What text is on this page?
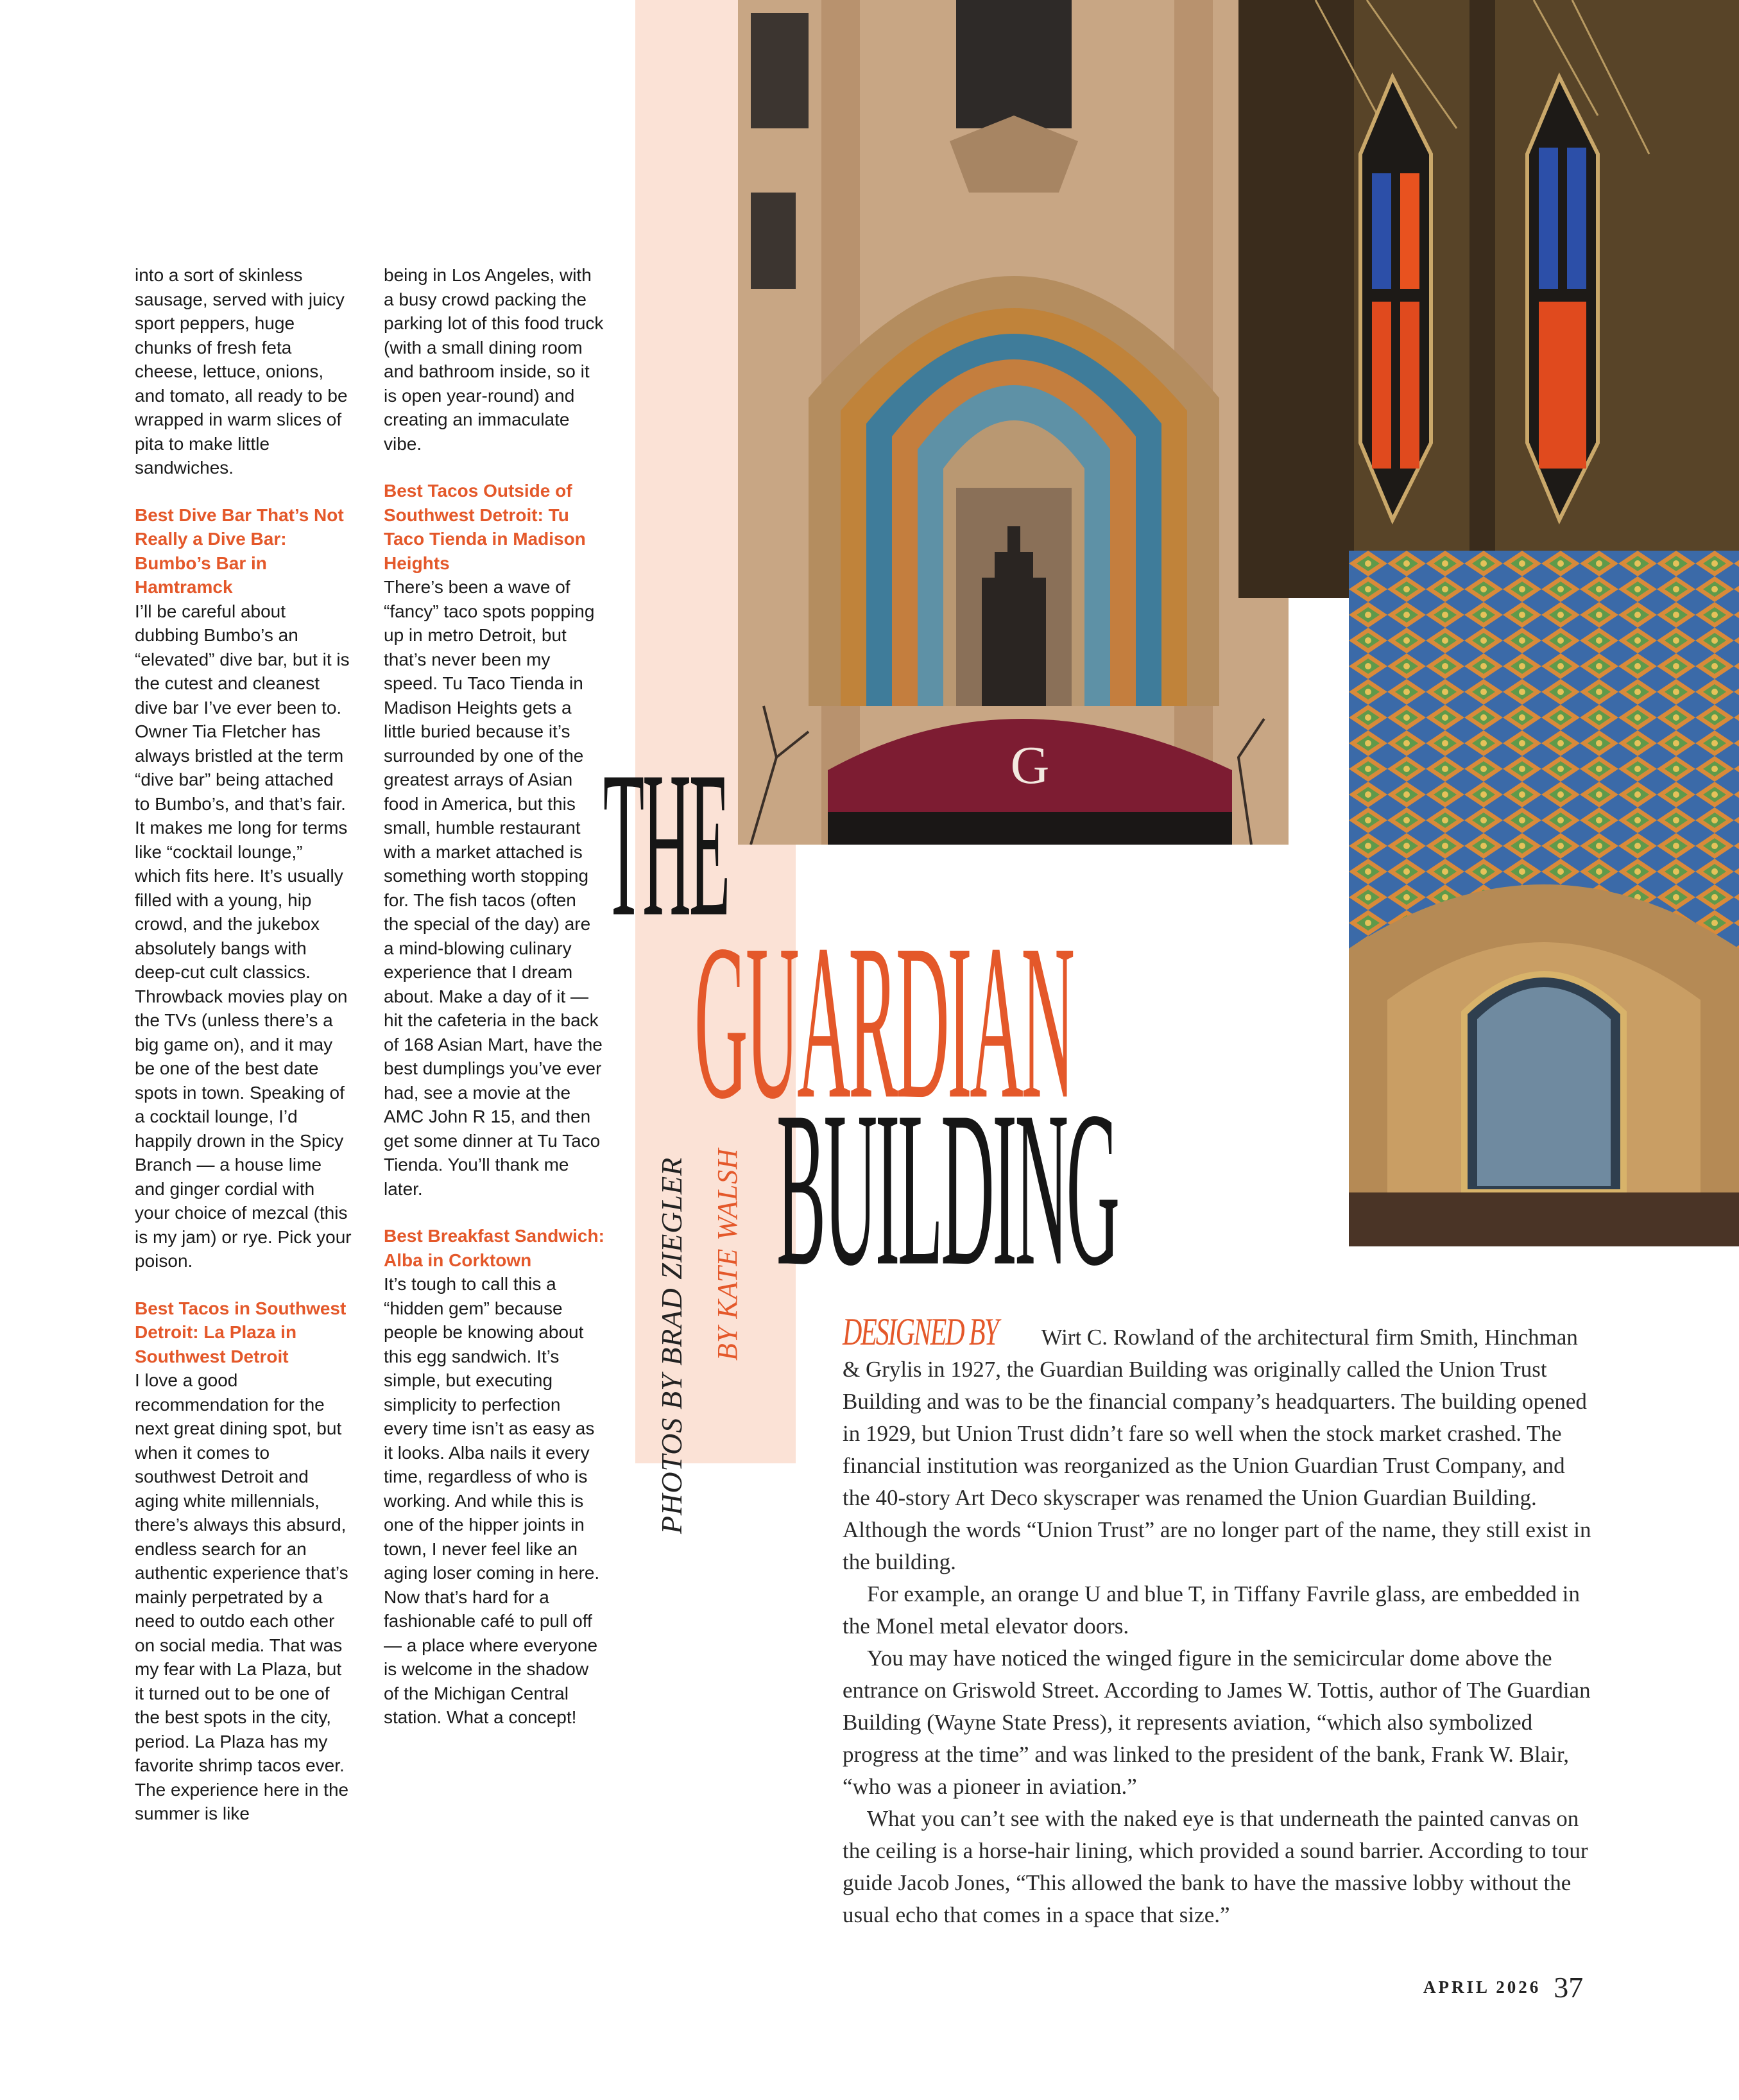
into a sort of skinless sausage, served with juicy sport peppers, huge chunks of fresh feta cheese, lettuce, onions, and tomato, all ready to be wrapped in warm slices of pita to make little sandwiches.

Best Dive Bar That’s Not Really a Dive Bar: Bumbo’s Bar in Hamtramck

I’ll be careful about dubbing Bumbo’s an “elevated” dive bar, but it is the cutest and cleanest dive bar I’ve ever been to. Owner Tia Fletcher has always bristled at the term “dive bar” being attached to Bumbo’s, and that’s fair. It makes me long for terms like “cocktail lounge,” which fits here. It’s usually filled with a young, hip crowd, and the jukebox absolutely bangs with deep-cut cult classics. Throwback movies play on the TVs (unless there’s a big game on), and it may be one of the best date spots in town. Speaking of a cocktail lounge, I’d happily drown in the Spicy Branch — a house lime and ginger cordial with your choice of mezcal (this is my jam) or rye. Pick your poison.

Best Tacos in Southwest Detroit: La Plaza in Southwest Detroit

I love a good recommendation for the next great dining spot, but when it comes to southwest Detroit and aging white millennials, there’s always this absurd, endless search for an authentic experience that’s mainly perpetrated by a need to outdo each other on social media. That was my fear with La Plaza, but it turned out to be one of the best spots in the city, period. La Plaza has my favorite shrimp tacos ever. The experience here in the summer is like

being in Los Angeles, with a busy crowd packing the parking lot of this food truck (with a small dining room and bathroom inside, so it is open year-round) and creating an immaculate vibe.

Best Tacos Outside of Southwest Detroit: Tu Taco Tienda in Madison Heights

There’s been a wave of “fancy” taco spots popping up in metro Detroit, but that’s never been my speed. Tu Taco Tienda in Madison Heights gets a little buried because it’s surrounded by one of the greatest arrays of Asian food in America, but this small, humble restaurant with a market attached is something worth stopping for. The fish tacos (often the special of the day) are a mind-blowing culinary experience that I dream about. Make a day of it — hit the cafeteria in the back of 168 Asian Mart, have the best dumplings you’ve ever had, see a movie at the AMC John R 15, and then get some dinner at Tu Taco Tienda. You’ll thank me later.

Best Breakfast Sandwich: Alba in Corktown

It’s tough to call this a “hidden gem” because people be knowing about this egg sandwich. It’s simple, but executing simplicity to perfection every time isn’t as easy as it looks. Alba nails it every time, regardless of who is working. And while this is one of the hipper joints in town, I never feel like an aging loser coming in here. Now that’s hard for a fashionable café to pull off — a place where everyone is welcome in the shadow of the Michigan Central station. What a concept!

PHOTOS BY BRAD ZIEGLER BY KATE WALSH
G
THE
GUARDIAN
BUILDING

DESIGNED BY Wirt C. Rowland of the architectural firm Smith, Hinchman & Grylis in 1927, the Guardian Building was originally called the Union Trust Building and was to be the financial company’s headquarters. The building opened in 1929, but Union Trust didn’t fare so well when the stock market crashed. The financial institution was reorganized as the Union Guardian Trust Company, and the 40-story Art Deco skyscraper was renamed the Union Guardian Building. Although the words “Union Trust” are no longer part of the name, they still exist in the building.

For example, an orange U and blue T, in Tiffany Favrile glass, are embedded in the Monel metal elevator doors.

You may have noticed the winged figure in the semicircular dome above the entrance on Griswold Street. According to James W. Tottis, author of The Guardian Building (Wayne State Press), it represents aviation, “which also symbolized progress at the time” and was linked to the president of the bank, Frank W. Blair, “who was a pioneer in aviation.”

What you can’t see with the naked eye is that underneath the painted canvas on the ceiling is a horse-hair lining, which provided a sound barrier. According to tour guide Jacob Jones, “This allowed the bank to have the massive lobby without the usual echo that comes in a space that size.”

APRIL 2026 37
